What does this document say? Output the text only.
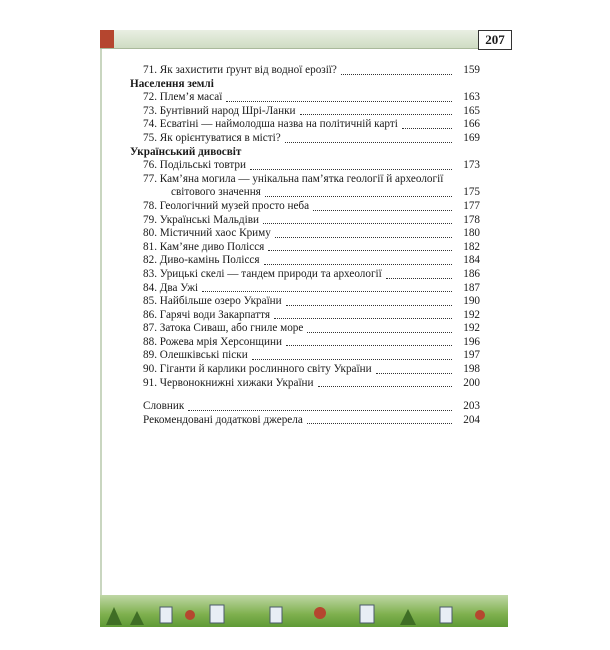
207
71. Як захистити ґрунт від водної ерозії?	159
Населення землі
72. Плем’я масаї	163
73. Бунтівний народ Шрі-Ланки	165
74. Есватіні — наймолодша назва на політичній карті	166
75. Як орієнтуватися в місті?	169
Український дивосвіт
76. Подільські товтри	173
77. Кам’яна могила — унікальна пам’ятка геології й археології
світового значення	175
78. Геологічний музей просто неба	177
79. Українські Мальдіви	178
80. Містичний хаос Криму	180
81. Кам’яне диво Полісся	182
82. Диво-камінь Полісся	184
83. Урицькі скелі — тандем природи та археології	186
84. Два Ужі	187
85. Найбільше озеро України	190
86. Гарячі води Закарпаття	192
87. Затока Сиваш, або гниле море	192
88. Рожева мрія Херсонщини	196
89. Олешківські піски	197
90. Гіганти й карлики рослинного світу України	198
91. Червонокнижні хижаки України	200
Словник	203
Рекомендовані додаткові джерела	204
